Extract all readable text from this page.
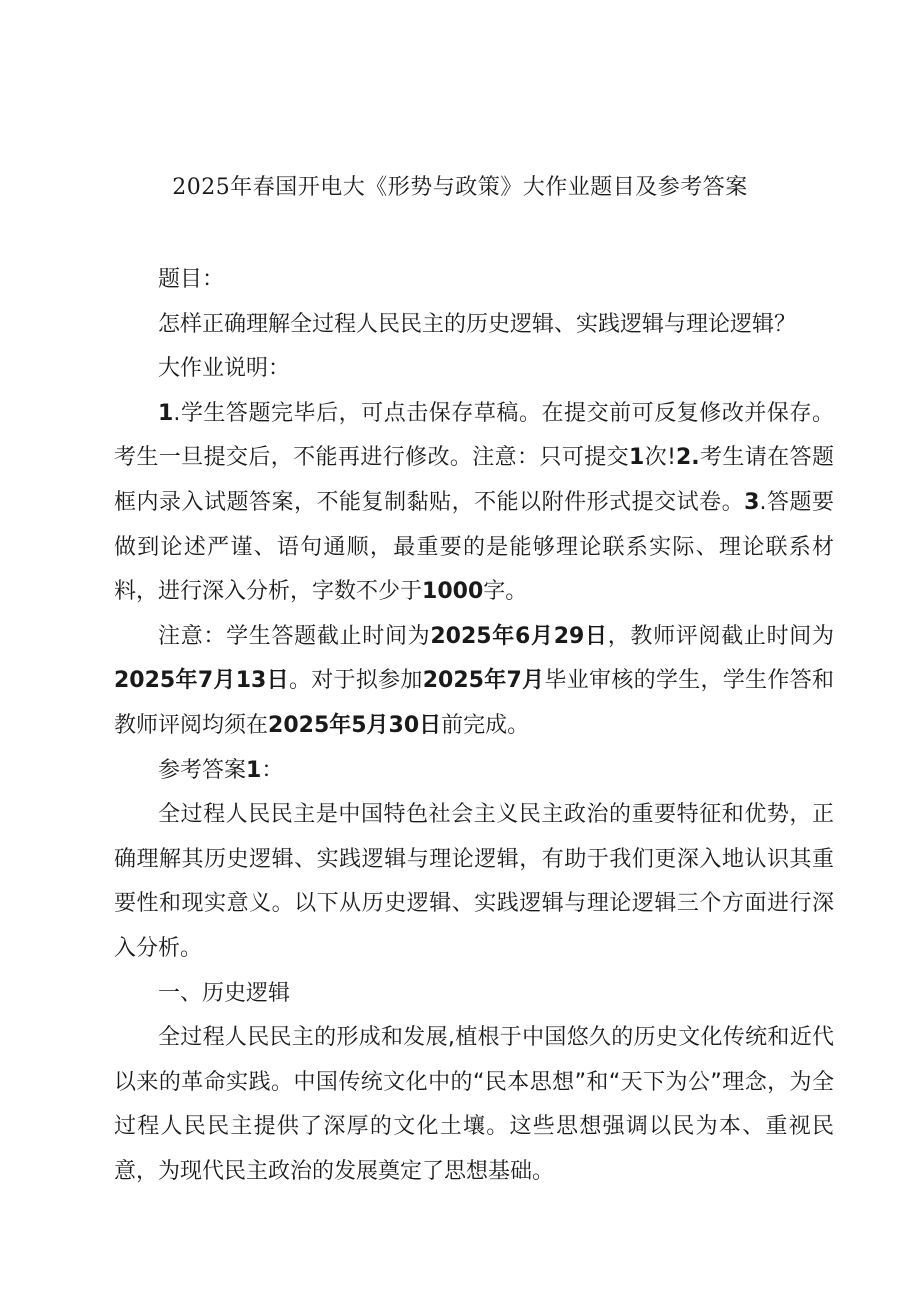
2025年春国开电大《形势与政策》大作业题目及参考答案

题目：

怎样正确理解全过程人民民主的历史逻辑、实践逻辑与理论逻辑？

大作业说明：

1.学生答题完毕后，可点击保存草稿。在提交前可反复修改并保存。考生一旦提交后，不能再进行修改。注意：只可提交1次!2.考生请在答题框内录入试题答案，不能复制黏贴，不能以附件形式提交试卷。3.答题要做到论述严谨、语句通顺，最重要的是能够理论联系实际、理论联系材料，进行深入分析，字数不少于1000字。

注意：学生答题截止时间为2025年6月29日，教师评阅截止时间为2025年7月13日。对于拟参加2025年7月毕业审核的学生，学生作答和教师评阅均须在2025年5月30日前完成。

参考答案1：

全过程人民民主是中国特色社会主义民主政治的重要特征和优势，正确理解其历史逻辑、实践逻辑与理论逻辑，有助于我们更深入地认识其重要性和现实意义。以下从历史逻辑、实践逻辑与理论逻辑三个方面进行深入分析。

一、历史逻辑

全过程人民民主的形成和发展,植根于中国悠久的历史文化传统和近代以来的革命实践。中国传统文化中的“民本思想”和“天下为公”理念，为全过程人民民主提供了深厚的文化土壤。这些思想强调以民为本、重视民意，为现代民主政治的发展奠定了思想基础。
